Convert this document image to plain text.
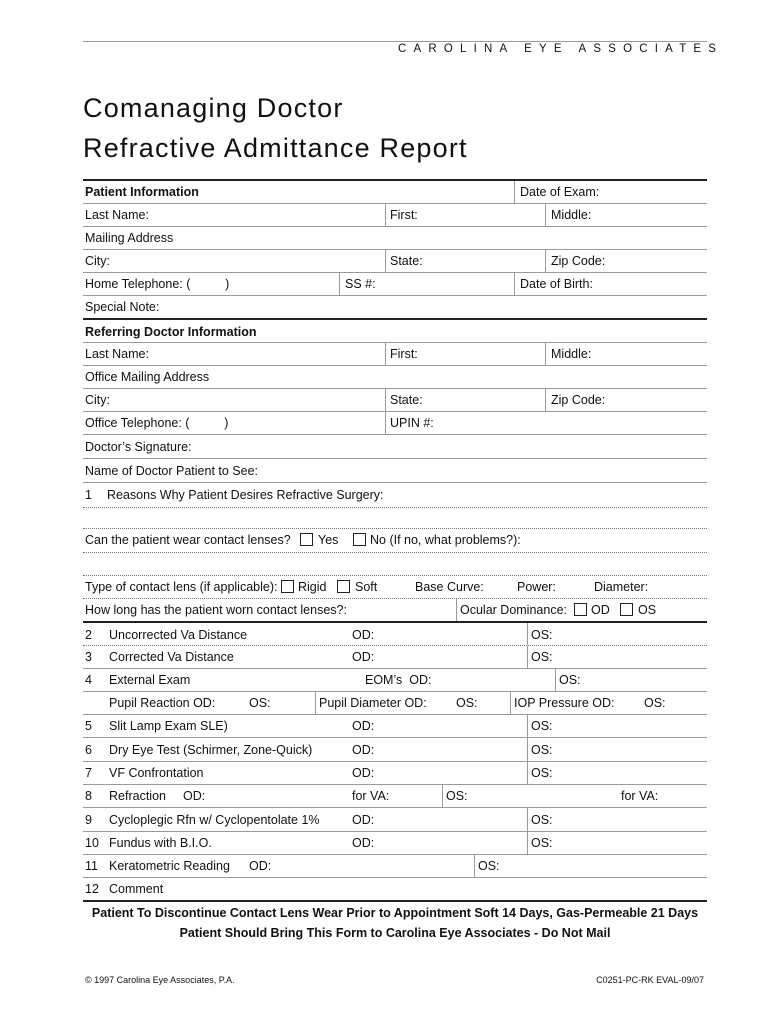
CAROLINA EYE ASSOCIATES
Comanaging Doctor
Refractive Admittance Report
Patient Information	Date of Exam:
Last Name:	First:	Middle:
Mailing Address
City:	State:	Zip Code:
Home Telephone: (          )	SS #:	Date of Birth:
Special Note:
Referring Doctor Information
Last Name:	First:	Middle:
Office Mailing Address
City:	State:	Zip Code:
Office Telephone: (          )	UPIN #:
Doctor’s Signature:
Name of Doctor Patient to See:
1 Reasons Why Patient Desires Refractive Surgery:
Can the patient wear contact lenses? Yes	No (If no, what problems?):
Type of contact lens (if applicable): Rigid Soft	Base Curve:	Power:	Diameter:
How long has the patient worn contact lenses?:	Ocular Dominance: OD OS
2 Uncorrected Va Distance	OD:	OS:
3 Corrected Va Distance	OD:	OS:
4 External Exam	EOM’s  OD:	OS:
Pupil Reaction OD:	OS:	Pupil Diameter OD: OS:	IOP Pressure OD: OS:
5 Slit Lamp Exam SLE)	OD:	OS:
6 Dry Eye Test (Schirmer, Zone-Quick)	OD:	OS:
7 VF Confrontation	OD:	OS:
8 Refraction OD:	for VA:	OS:	for VA:
9 Cycloplegic Rfn w/ Cyclopentolate 1%	OD:	OS:
10 Fundus with B.I.O.	OD:	OS:
11 Keratometric Reading OD:	OS:
12 Comment
Patient To Discontinue Contact Lens Wear Prior to Appointment Soft 14 Days, Gas-Permeable 21 Days
Patient Should Bring This Form to Carolina Eye Associates - Do Not Mail
© 1997 Carolina Eye Associates, P.A.	C0251-PC-RK EVAL-09/07
